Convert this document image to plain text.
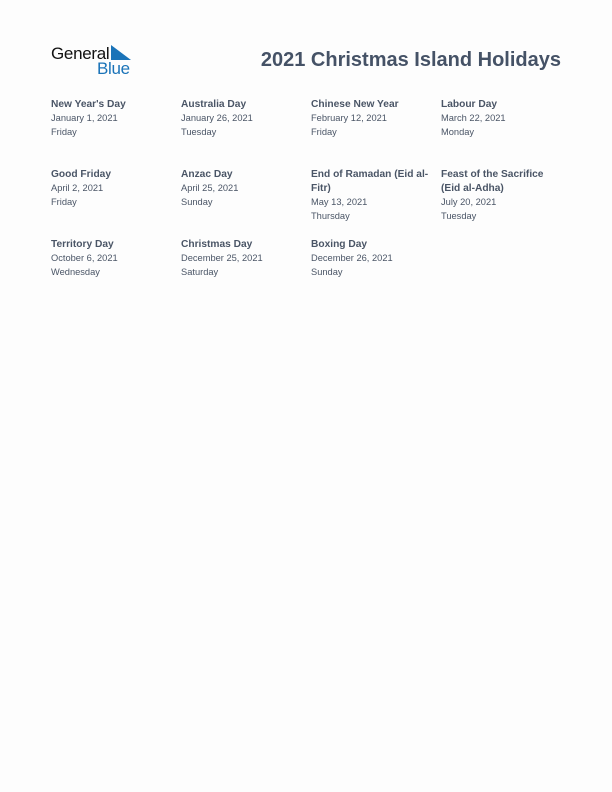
General
Blue	2021 Christmas Island Holidays
New Year's Day
January 1, 2021
Friday
Australia Day
January 26, 2021
Tuesday
Chinese New Year
February 12, 2021
Friday
Labour Day
March 22, 2021
Monday
Good Friday
April 2, 2021
Friday
Anzac Day
April 25, 2021
Sunday
End of Ramadan (Eid al-Fitr)
May 13, 2021
Thursday
Feast of the Sacrifice (Eid al-Adha)
July 20, 2021
Tuesday
Territory Day
October 6, 2021
Wednesday
Christmas Day
December 25, 2021
Saturday
Boxing Day
December 26, 2021
Sunday
